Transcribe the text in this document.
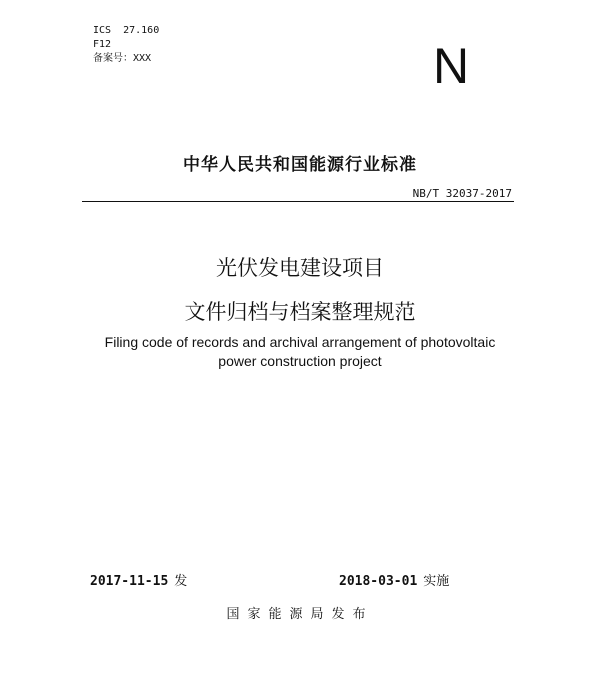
ICS  27.160
F12
备案号：XXX	N
中华人民共和国能源行业标准
NB/T 32037-2017
光伏发电建设项目
文件归档与档案整理规范
Filing code of records and archival arrangement of photovoltaic
power construction project
2017-11-15 发	2018-03-01 实施
国家能源局发布
